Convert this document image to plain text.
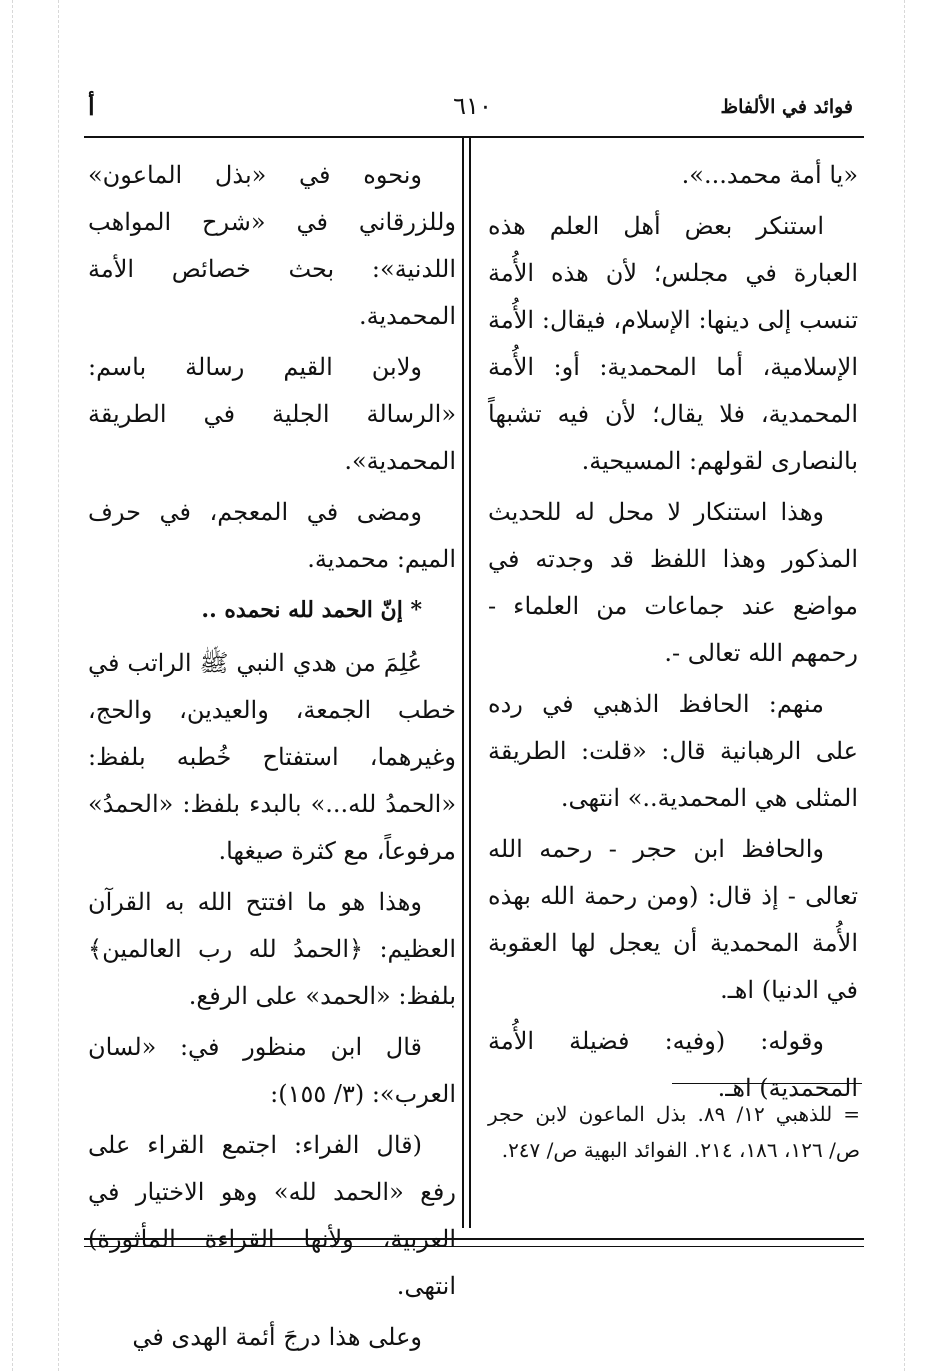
فوائد في الألفاظ
٦١٠
أ

«يا أمة محمد...».

استنكر بعض أهل العلم هذه العبارة في مجلس؛ لأن هذه الأُمة تنسب إلى دينها: الإسلام، فيقال: الأُمة الإسلامية، أما المحمدية: أو: الأُمة المحمدية، فلا يقال؛ لأن فيه تشبهاً بالنصارى لقولهم: المسيحية.

وهذا استنكار لا محل له للحديث المذكور وهذا اللفظ قد وجدته في مواضع عند جماعات من العلماء - رحمهم الله تعالى -.

منهم: الحافظ الذهبي في رده على الرهبانية قال: «قلت: الطريقة المثلى هي المحمدية..» انتهى.

والحافظ ابن حجر - رحمه الله تعالى - إذ قال: (ومن رحمة الله بهذه الأُمة المحمدية أن يعجل لها العقوبة في الدنيا) اهـ.

وقوله: (وفيه: فضيلة الأُمة المحمدية) اهـ.

= للذهبي ١٢/ ٨٩. بذل الماعون لابن حجر ص/ ١٢٦، ١٨٦، ٢١٤. الفوائد البهية ص/ ٢٤٧.

ونحوه في «بذل الماعون» وللزرقاني في «شرح المواهب اللدنية»: بحث خصائص الأمة المحمدية.

ولابن القيم رسالة باسم: «الرسالة الجلية في الطريقة المحمدية».

ومضى في المعجم، في حرف الميم: محمدية.

* إنّ الحمد لله نحمده ..

عُلِمَ من هدي النبي ﷺ الراتب في خطب الجمعة، والعيدين، والحج، وغيرهما، استفتاح خُطبه بلفظ: «الحمدُ لله...» بالبدء بلفظ: «الحمدُ» مرفوعاً، مع كثرة صيغها.

وهذا هو ما افتتح الله به القرآن العظيم: ﴿الحمدُ لله رب العالمين﴾ بلفظ: «الحمد» على الرفع.

قال ابن منظور في: «لسان العرب»: (٣/ ١٥٥):

(قال الفراء: اجتمع القراء على رفع «الحمد لله» وهو الاختيار في العربية، ولأنها القراءة المأثورة) انتهى.

وعلى هذا درجَ أئمة الهدى في
